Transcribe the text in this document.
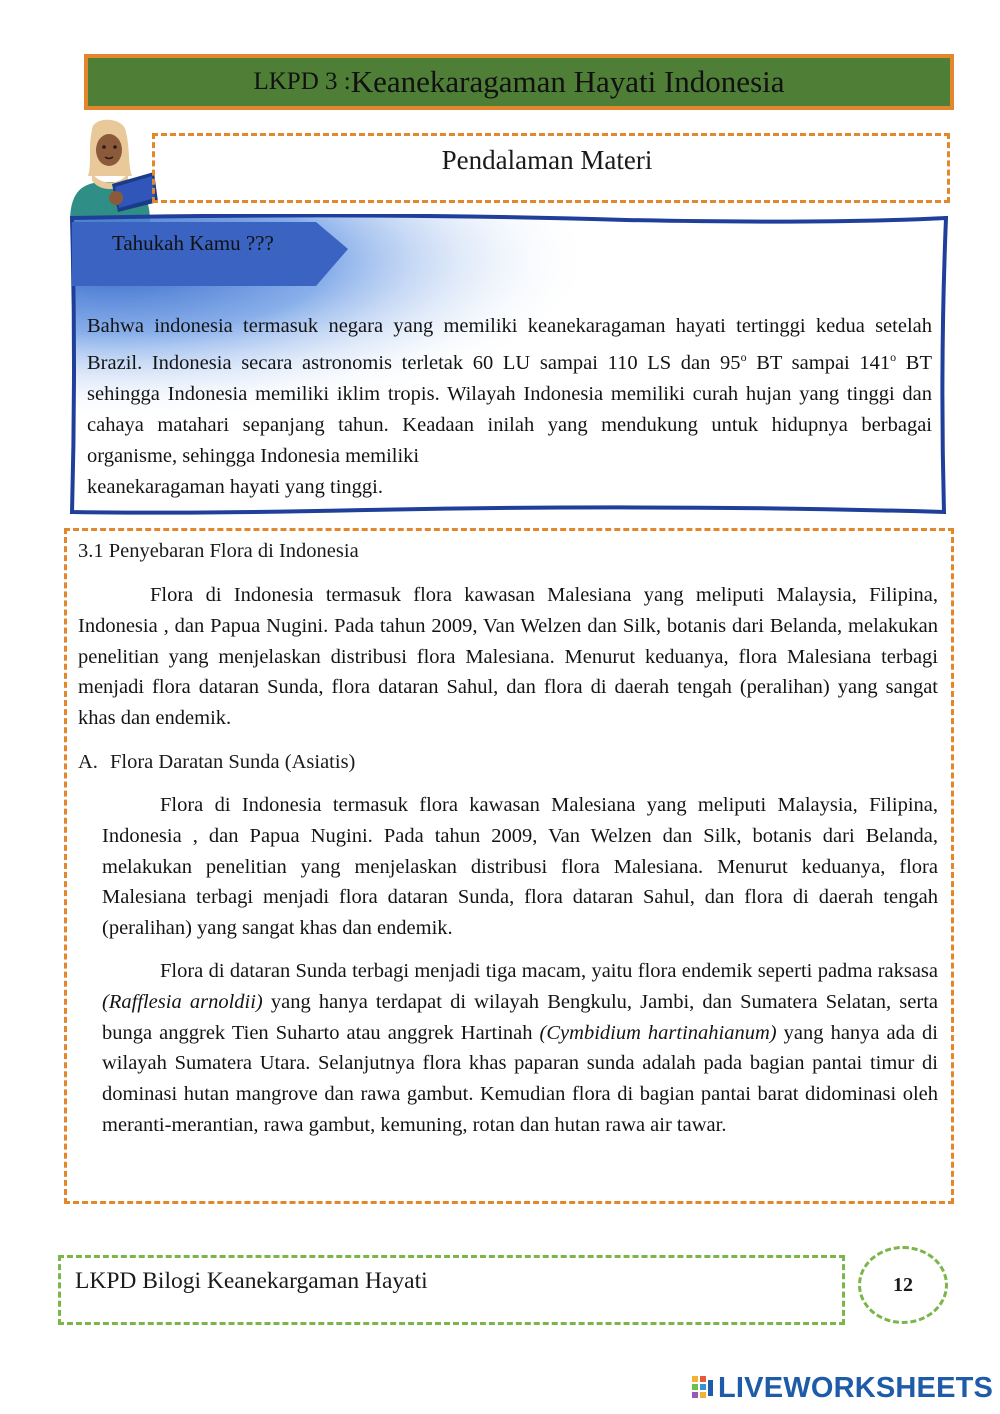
LKPD 3 : Keanekaragaman Hayati Indonesia
Pendalaman Materi
Tahukah Kamu ???
Bahwa indonesia termasuk negara yang memiliki keanekaragaman hayati tertinggi kedua setelah Brazil. Indonesia secara astronomis terletak 60 LU sampai 110 LS dan 95$^o$ BT sampai 141$^o$ BT sehingga Indonesia memiliki iklim tropis. Wilayah Indonesia memiliki curah hujan yang tinggi dan cahaya matahari sepanjang tahun. Keadaan inilah yang mendukung untuk hidupnya berbagai organisme, sehingga Indonesia memiliki
keanekaragaman hayati yang tinggi.
3.1 Penyebaran Flora di Indonesia
Flora di Indonesia termasuk flora kawasan Malesiana yang meliputi Malaysia, Filipina, Indonesia , dan Papua Nugini. Pada tahun 2009, Van Welzen dan Silk, botanis dari Belanda, melakukan penelitian yang menjelaskan distribusi flora Malesiana. Menurut keduanya, flora Malesiana terbagi menjadi flora dataran Sunda, flora dataran Sahul, dan flora di daerah tengah (peralihan) yang sangat khas dan endemik.
A. Flora Daratan Sunda (Asiatis)
Flora di Indonesia termasuk flora kawasan Malesiana yang meliputi Malaysia, Filipina, Indonesia , dan Papua Nugini. Pada tahun 2009, Van Welzen dan Silk, botanis dari Belanda, melakukan penelitian yang menjelaskan distribusi flora Malesiana. Menurut keduanya, flora Malesiana terbagi menjadi flora dataran Sunda, flora dataran Sahul, dan flora di daerah tengah (peralihan) yang sangat khas dan endemik.
Flora di dataran Sunda terbagi menjadi tiga macam, yaitu flora endemik seperti padma raksasa (Rafflesia arnoldii) yang hanya terdapat di wilayah Bengkulu, Jambi, dan Sumatera Selatan, serta bunga anggrek Tien Suharto atau anggrek Hartinah (Cymbidium hartinahianum) yang hanya ada di wilayah Sumatera Utara. Selanjutnya flora khas paparan sunda adalah pada bagian pantai timur di dominasi hutan mangrove dan rawa gambut. Kemudian flora di bagian pantai barat didominasi oleh meranti-merantian, rawa gambut, kemuning, rotan dan hutan rawa air tawar.
LKPD Bilogi Keanekargaman Hayati	12
LIVEWORKSHEETS
